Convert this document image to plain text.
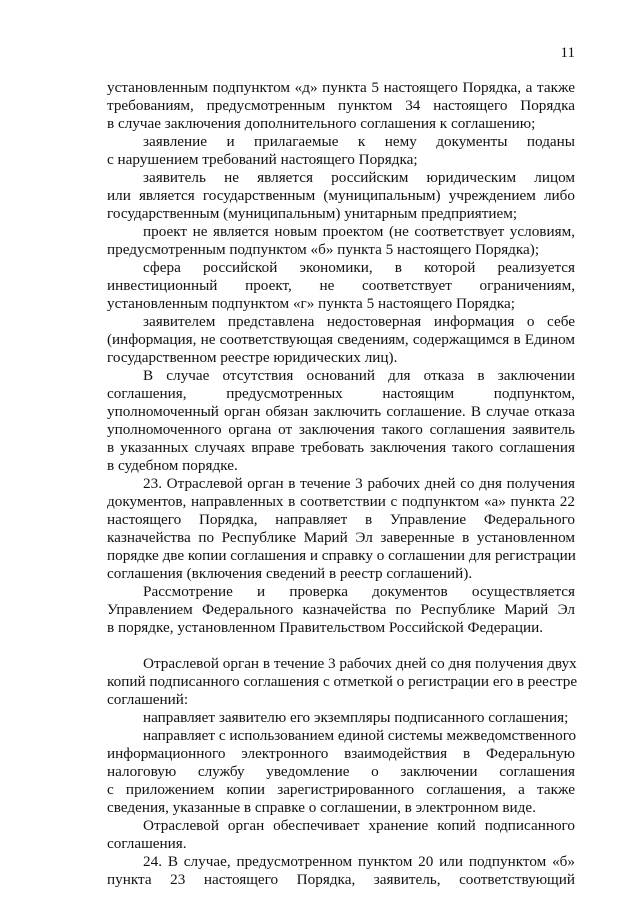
11
установленным подпунктом «д» пункта 5 настоящего Порядка, а также
требованиям, предусмотренным пунктом 34 настоящего Порядка
в случае заключения дополнительного соглашения к соглашению;
заявление и прилагаемые к нему документы поданы
с нарушением требований настоящего Порядка;
заявитель не является российским юридическим лицом
или является государственным (муниципальным) учреждением либо
государственным (муниципальным) унитарным предприятием;
проект не является новым проектом (не соответствует условиям,
предусмотренным подпунктом «б» пункта 5 настоящего Порядка);
сфера российской экономики, в которой реализуется
инвестиционный проект, не соответствует ограничениям,
установленным подпунктом «г» пункта 5 настоящего Порядка;
заявителем представлена недостоверная информация о себе
(информация, не соответствующая сведениям, содержащимся в Едином
государственном реестре юридических лиц).
В случае отсутствия оснований для отказа в заключении
соглашения, предусмотренных настоящим подпунктом,
уполномоченный орган обязан заключить соглашение. В случае отказа
уполномоченного органа от заключения такого соглашения заявитель
в указанных случаях вправе требовать заключения такого соглашения
в судебном порядке.
23. Отраслевой орган в течение 3 рабочих дней со дня получения
документов, направленных в соответствии с подпунктом «а» пункта 22
настоящего Порядка, направляет в Управление Федерального
казначейства по Республике Марий Эл заверенные в установленном
порядке две копии соглашения и справку о соглашении для регистрации
соглашения (включения сведений в реестр соглашений).
Рассмотрение и проверка документов осуществляется
Управлением Федерального казначейства по Республике Марий Эл
в порядке, установленном Правительством Российской Федерации.
Отраслевой орган в течение 3 рабочих дней со дня получения двух
копий подписанного соглашения с отметкой о регистрации его в реестре
соглашений:
направляет заявителю его экземпляры подписанного соглашения;
направляет с использованием единой системы межведомственного
информационного электронного взаимодействия в Федеральную
налоговую службу уведомление о заключении соглашения
с приложением копии зарегистрированного соглашения, а также
сведения, указанные в справке о соглашении, в электронном виде.
Отраслевой орган обеспечивает хранение копий подписанного
соглашения.
24. В случае, предусмотренном пунктом 20 или подпунктом «б»
пункта 23 настоящего Порядка, заявитель, соответствующий
